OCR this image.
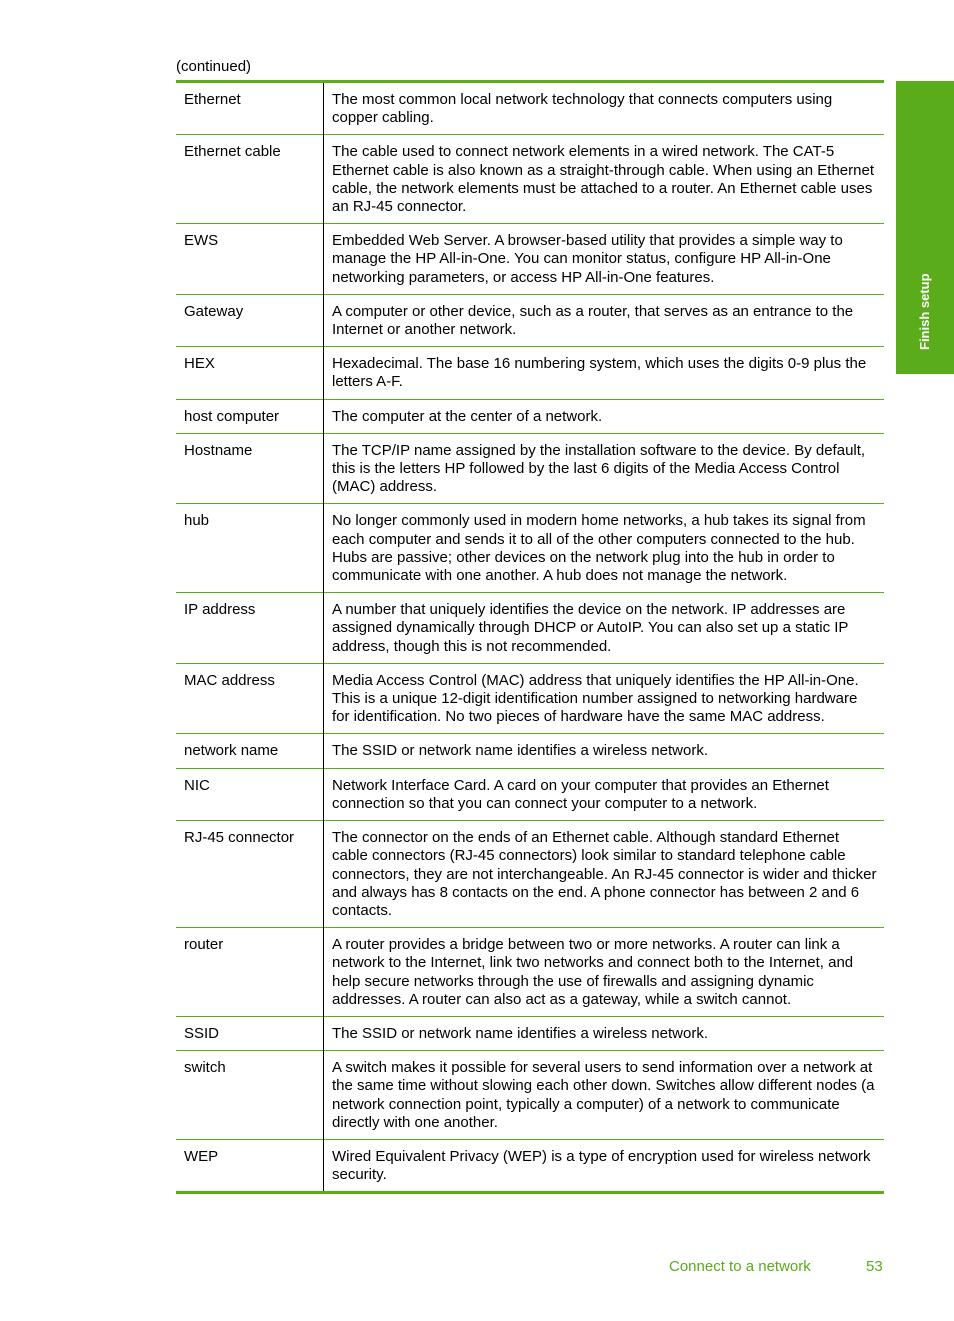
(continued)
Finish setup
Ethernet	The most common local network technology that connects computers using copper cabling.
Ethernet cable	The cable used to connect network elements in a wired network. The CAT-5 Ethernet cable is also known as a straight-through cable. When using an Ethernet cable, the network elements must be attached to a router. An Ethernet cable uses an RJ-45 connector.
EWS	Embedded Web Server. A browser-based utility that provides a simple way to manage the HP All-in-One. You can monitor status, configure HP All-in-One networking parameters, or access HP All-in-One features.
Gateway	A computer or other device, such as a router, that serves as an entrance to the Internet or another network.
HEX	Hexadecimal. The base 16 numbering system, which uses the digits 0-9 plus the letters A-F.
host computer	The computer at the center of a network.
Hostname	The TCP/IP name assigned by the installation software to the device. By default, this is the letters HP followed by the last 6 digits of the Media Access Control (MAC) address.
hub	No longer commonly used in modern home networks, a hub takes its signal from each computer and sends it to all of the other computers connected to the hub. Hubs are passive; other devices on the network plug into the hub in order to communicate with one another. A hub does not manage the network.
IP address	A number that uniquely identifies the device on the network. IP addresses are assigned dynamically through DHCP or AutoIP. You can also set up a static IP address, though this is not recommended.
MAC address	Media Access Control (MAC) address that uniquely identifies the HP All-in-One. This is a unique 12-digit identification number assigned to networking hardware for identification. No two pieces of hardware have the same MAC address.
network name	The SSID or network name identifies a wireless network.
NIC	Network Interface Card. A card on your computer that provides an Ethernet connection so that you can connect your computer to a network.
RJ-45 connector	The connector on the ends of an Ethernet cable. Although standard Ethernet cable connectors (RJ-45 connectors) look similar to standard telephone cable connectors, they are not interchangeable. An RJ-45 connector is wider and thicker and always has 8 contacts on the end. A phone connector has between 2 and 6 contacts.
router	A router provides a bridge between two or more networks. A router can link a network to the Internet, link two networks and connect both to the Internet, and help secure networks through the use of firewalls and assigning dynamic addresses. A router can also act as a gateway, while a switch cannot.
SSID	The SSID or network name identifies a wireless network.
switch	A switch makes it possible for several users to send information over a network at the same time without slowing each other down. Switches allow different nodes (a network connection point, typically a computer) of a network to communicate directly with one another.
WEP	Wired Equivalent Privacy (WEP) is a type of encryption used for wireless network security.
Connect to a network	53
